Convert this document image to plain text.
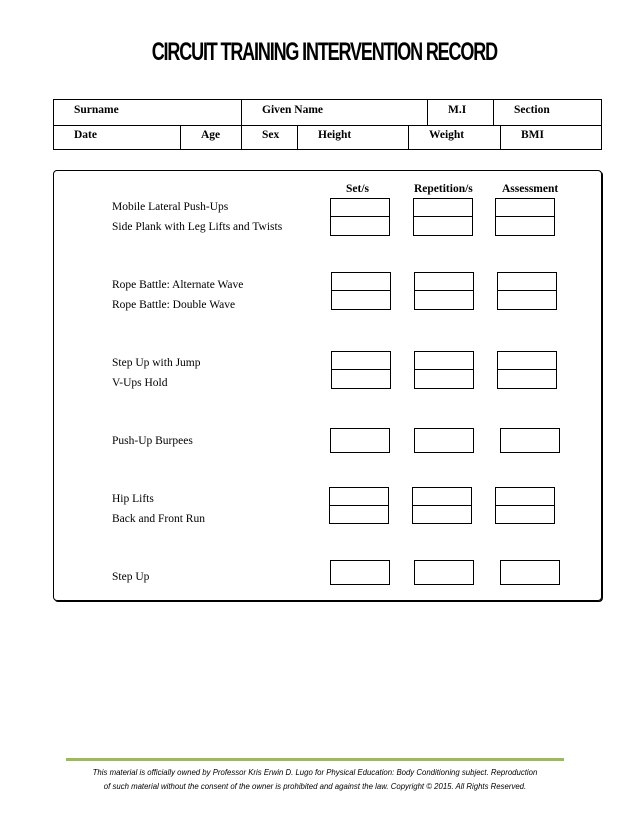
CIRCUIT TRAINING INTERVENTION RECORD
Surname	Given Name	M.I	Section
Date	Age	Sex	Height	Weight	BMI
Set/s	Repetition/s	Assessment
Mobile Lateral Push-Ups
Side Plank with Leg Lifts and Twists
Rope Battle: Alternate Wave
Rope Battle: Double Wave
Step Up with Jump
V-Ups Hold
Push-Up Burpees
Hip Lifts
Back and Front Run
Step Up
This material is officially owned by Professor Kris Erwin D. Lugo for Physical Education: Body Conditioning subject. Reproduction
of such material without the consent of the owner is prohibited and against the law. Copyright © 2015. All Rights Reserved.
